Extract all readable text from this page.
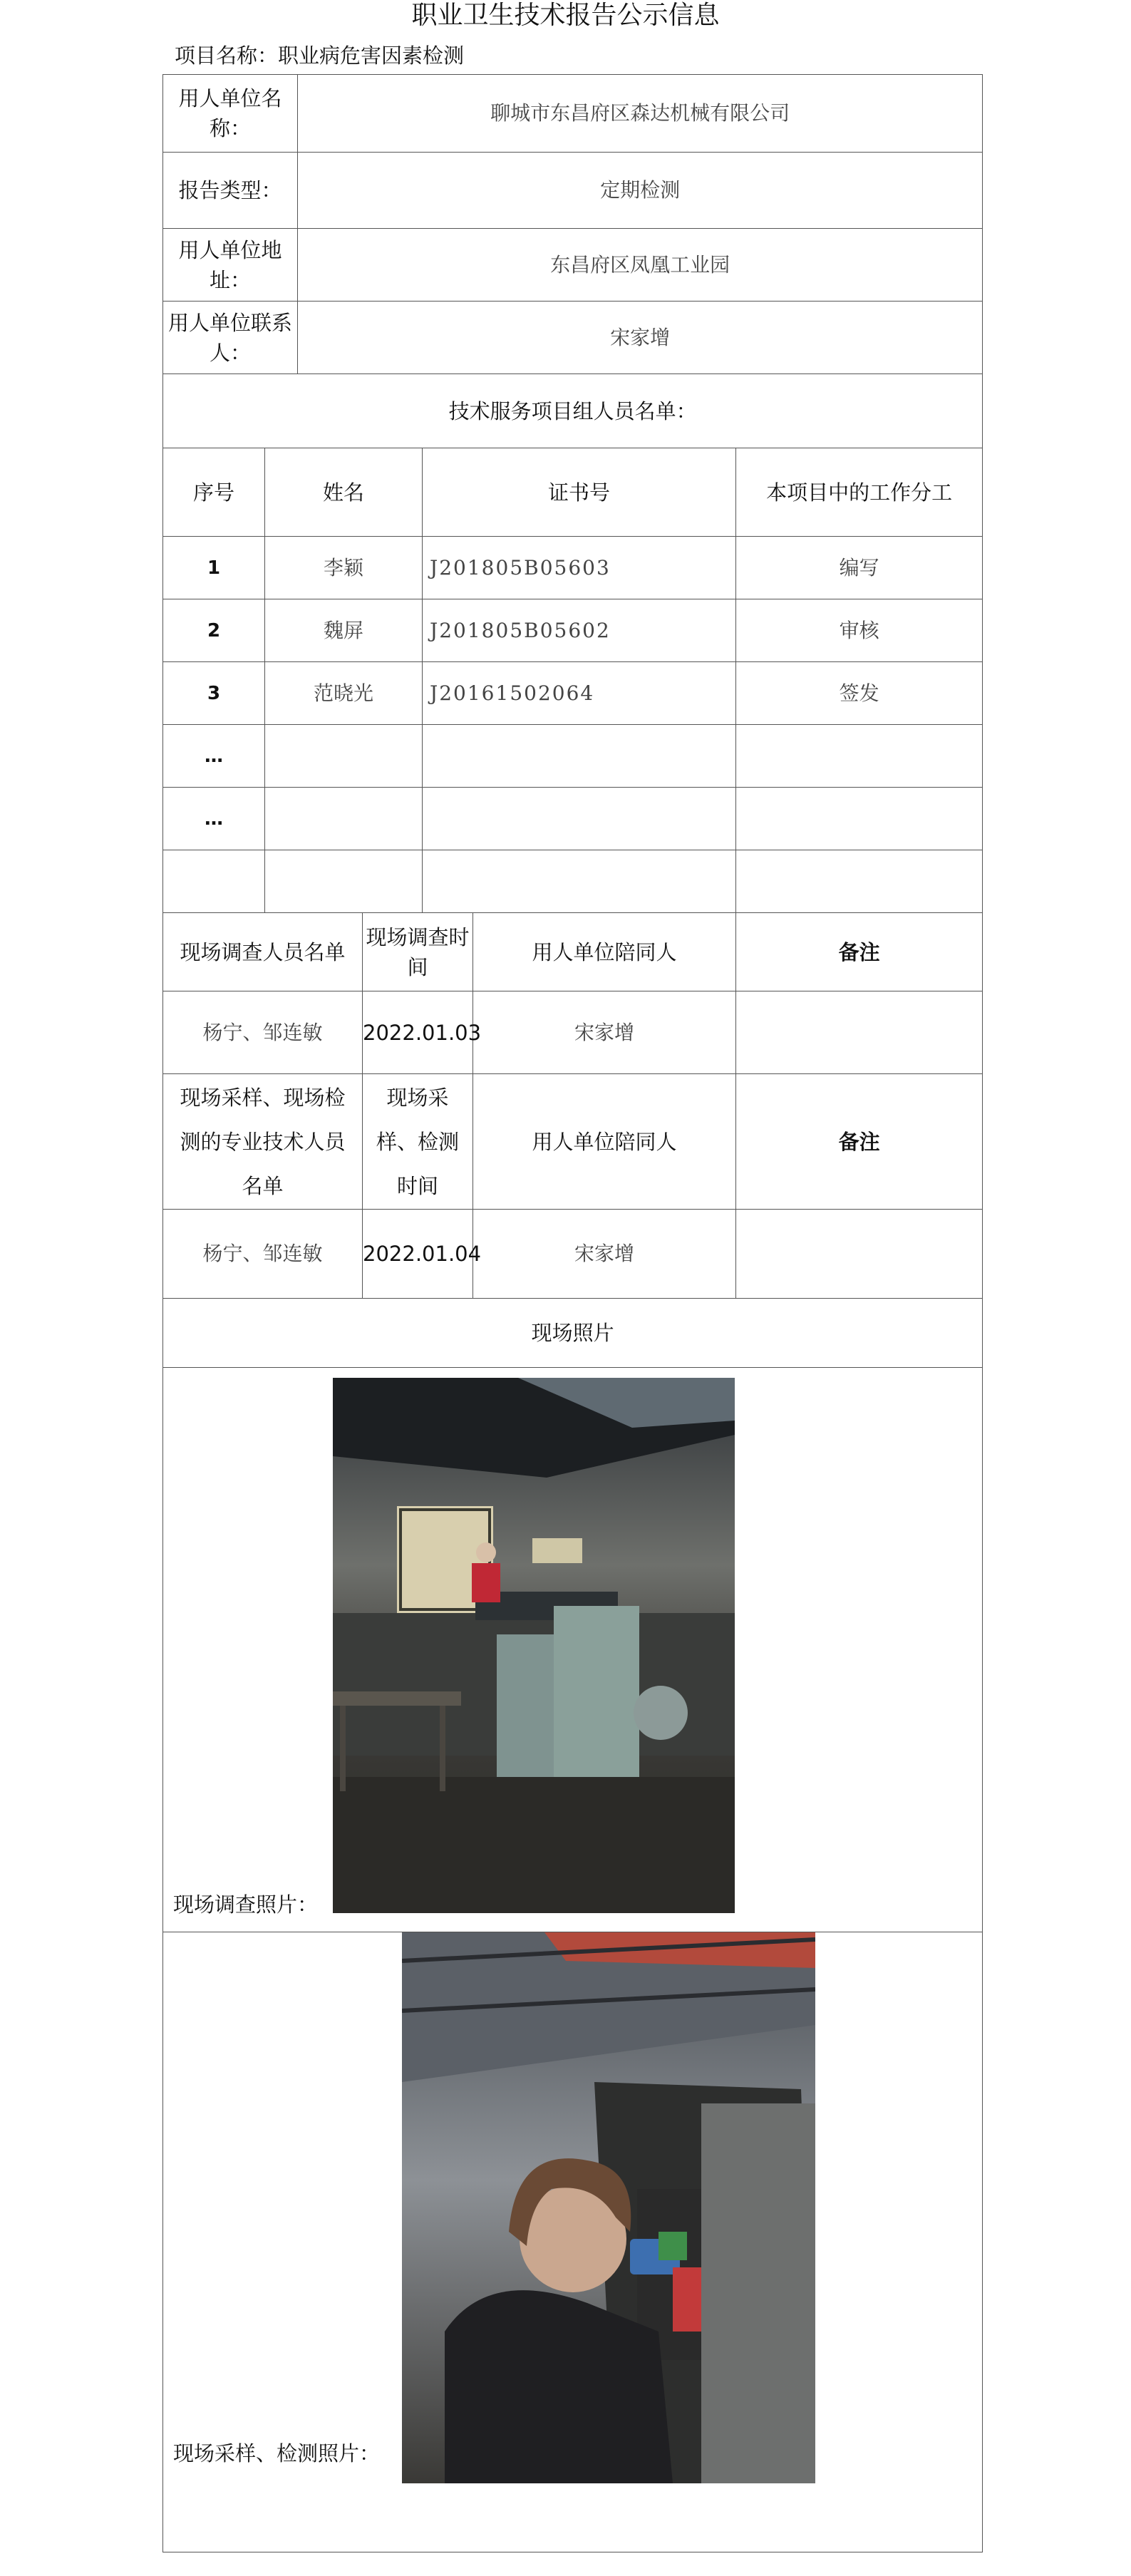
职业卫生技术报告公示信息
项目名称：职业病危害因素检测
用人单位名称：		聊城市东昌府区森达机械有限公司				
报告类型：		定期检测				
用人单位地址：		东昌府区凤凰工业园				
用人单位联系人：		宋家增				
技术服务项目组人员名单：						
序号	姓名			证书号		本项目中的工作分工
1	李颖			J201805B05603		编写
2	魏屏			J201805B05602		审核
3	范晓光			J20161502064		签发
…						
…						

现场调查人员名单			现场调查时间		用人单位陪同人	备注
杨宁、邹连敏			2022.01.03		宋家增	
现场采样、现场检测的专业技术人员名单			现场采样、检测时间		用人单位陪同人	备注
杨宁、邹连敏			2022.01.04		宋家增	
现场照片						

现场调查照片：						

现场采样、检测照片：						
